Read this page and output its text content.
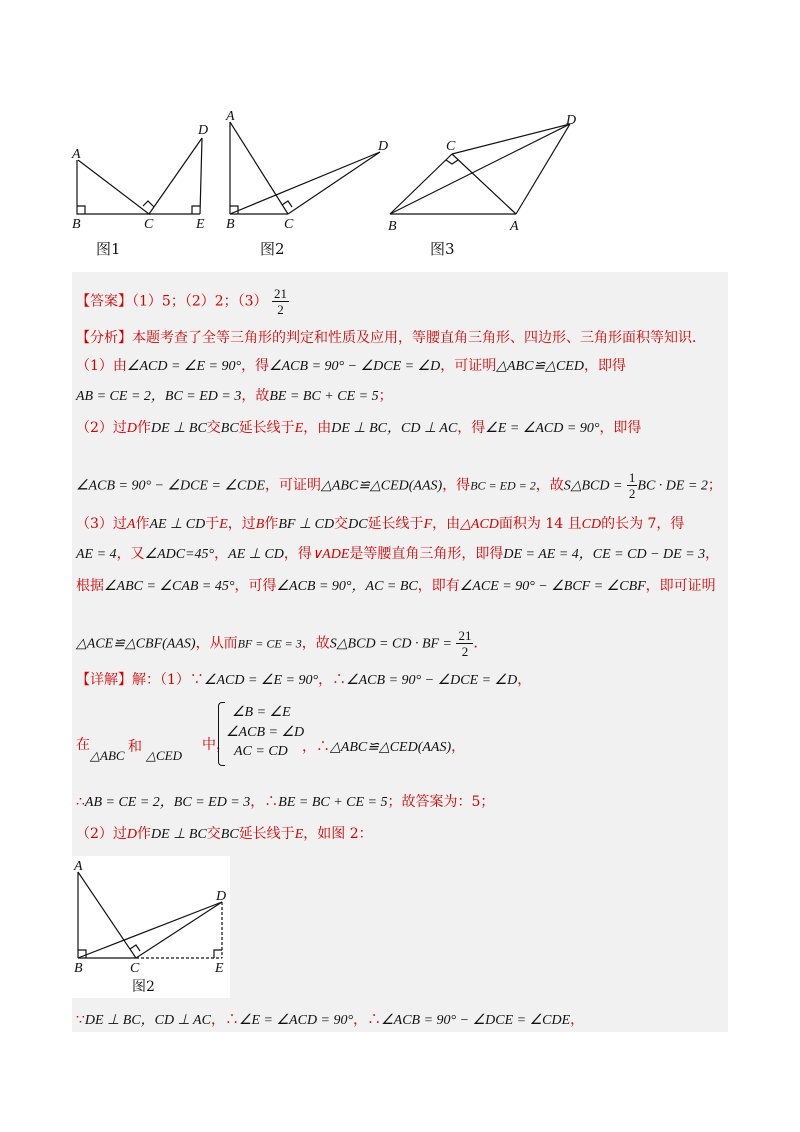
A
B	C
D
E
A
B	C
D	C
D
B	A
图1	图2	图3
【答案】（1）5；（2）2；$(3) \frac{21}{2}$
【分析】本题考查了全等三角形的判定和性质及应用，等腰直角三角形、四边形、三角形面积等知识．
（1）由∠ACD = ∠E = 90°，得∠ACB = 90° − ∠DCE = ∠D，可证明△ABC≌△CED，即得
AB = CE = 2，BC = ED = 3，故BE = BC + CE = 5；
（2）过D作DE ⊥ BC交BC延长线于E，由DE ⊥ BC，CD ⊥ AC，得∠E = ∠ACD = 90°，即得
∠ACB = 90° − ∠DCE = ∠CDE，可证明△ABC≌△CED(AAS)，得BC = ED = 2，故S△BCD = $\frac{1}{2}$ BC · DE = 2；
（3）过A作AE ⊥ CD于E，过B作BF ⊥ CD交DC延长线于F，由△ACD面积为 14 且CD的长为 7，得
AE = 4，又∠ADC=45°，AE ⊥ CD，得∨ADE是等腰直角三角形，即得DE = AE = 4，CE = CD − DE = 3，
根据∠ABC = ∠CAB = 45°，可得∠ACB = 90°，AC = BC，即有∠ACE = 90° − ∠BCF = ∠CBF，即可证明
△ACE≌△CBF(AAS)，从而BF = CE = 3，故S△BCD = CD · BF = $\frac{21}{2}$ ．
【详解】解：（1）∵∠ACD = ∠E = 90°，∴∠ACB = 90° − ∠DCE = ∠D，
在
△ABC
和
△CED
中，
∠B = ∠E
∠ACB = ∠D
AC = CD ，∴△ABC≌△CED(AAS)，
∴AB = CE = 2，BC = ED = 3，∴BE = BC + CE = 5；故答案为：5；
（2）过D作DE ⊥ BC交BC延长线于E，如图 2：
A
B	C
D
E
图2
∵DE ⊥ BC，CD ⊥ AC，∴∠E = ∠ACD = 90°，∴∠ACB = 90° − ∠DCE = ∠CDE，
